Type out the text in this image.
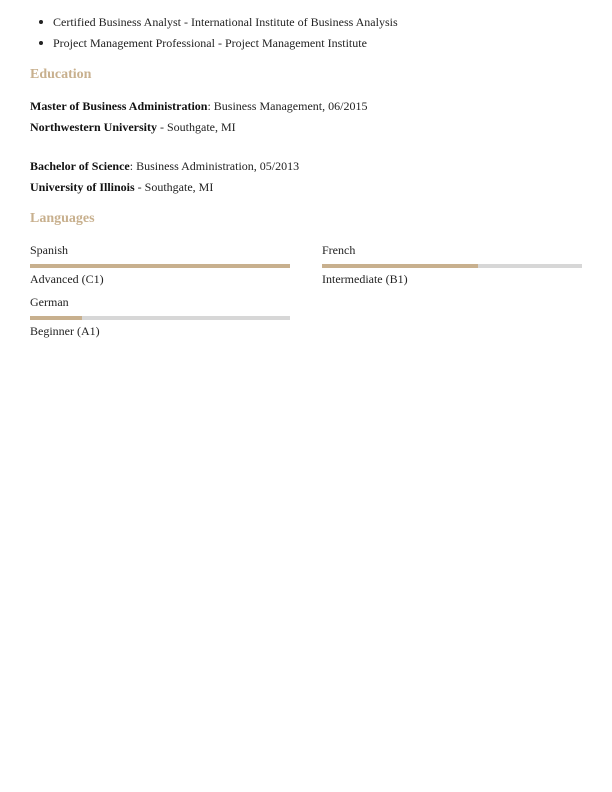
Certified Business Analyst - International Institute of Business Analysis
Project Management Professional - Project Management Institute
Education
Master of Business Administration: Business Management, 06/2015
Northwestern University - Southgate, MI
Bachelor of Science: Business Administration, 05/2013
University of Illinois - Southgate, MI
Languages
Spanish
Advanced (C1)
French
Intermediate (B1)
German
Beginner (A1)
